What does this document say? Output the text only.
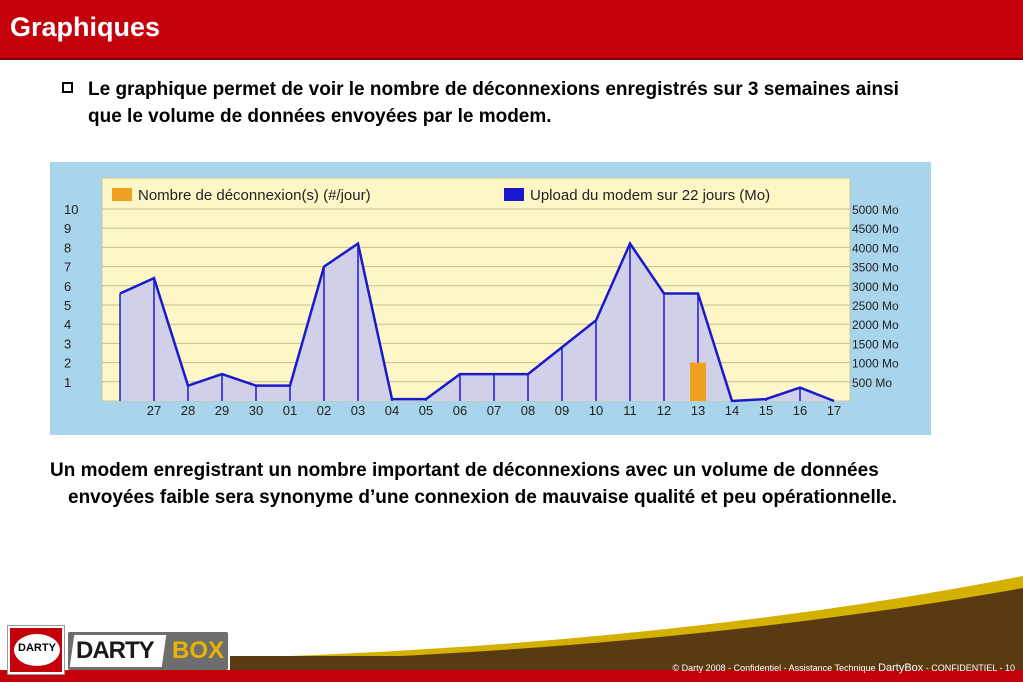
Graphiques
Le graphique permet de voir le nombre de déconnexions enregistrés sur 3 semaines ainsi que le volume de données envoyées par le modem.
1
2
3
4
5
6
7
8
9
10
500 Mo
1000 Mo
1500 Mo
2000 Mo
2500 Mo
3000 Mo
3500 Mo
4000 Mo
4500 Mo
5000 Mo
27 28 29 30 01 02 03 04 05 06 07 08 09 10 11 12 13 14 15 16 17
Nombre de déconnexion(s) (#/jour)	Upload du modem sur 22 jours (Mo)
Un modem enregistrant un nombre important de déconnexions avec un volume de données envoyées faible sera synonyme d’une connexion de mauvaise qualité et peu opérationnelle.
DARTY DARTY BOX
© Darty 2008 - Confidentiel - Assistance Technique DartyBox - CONFIDENTIEL - 10
